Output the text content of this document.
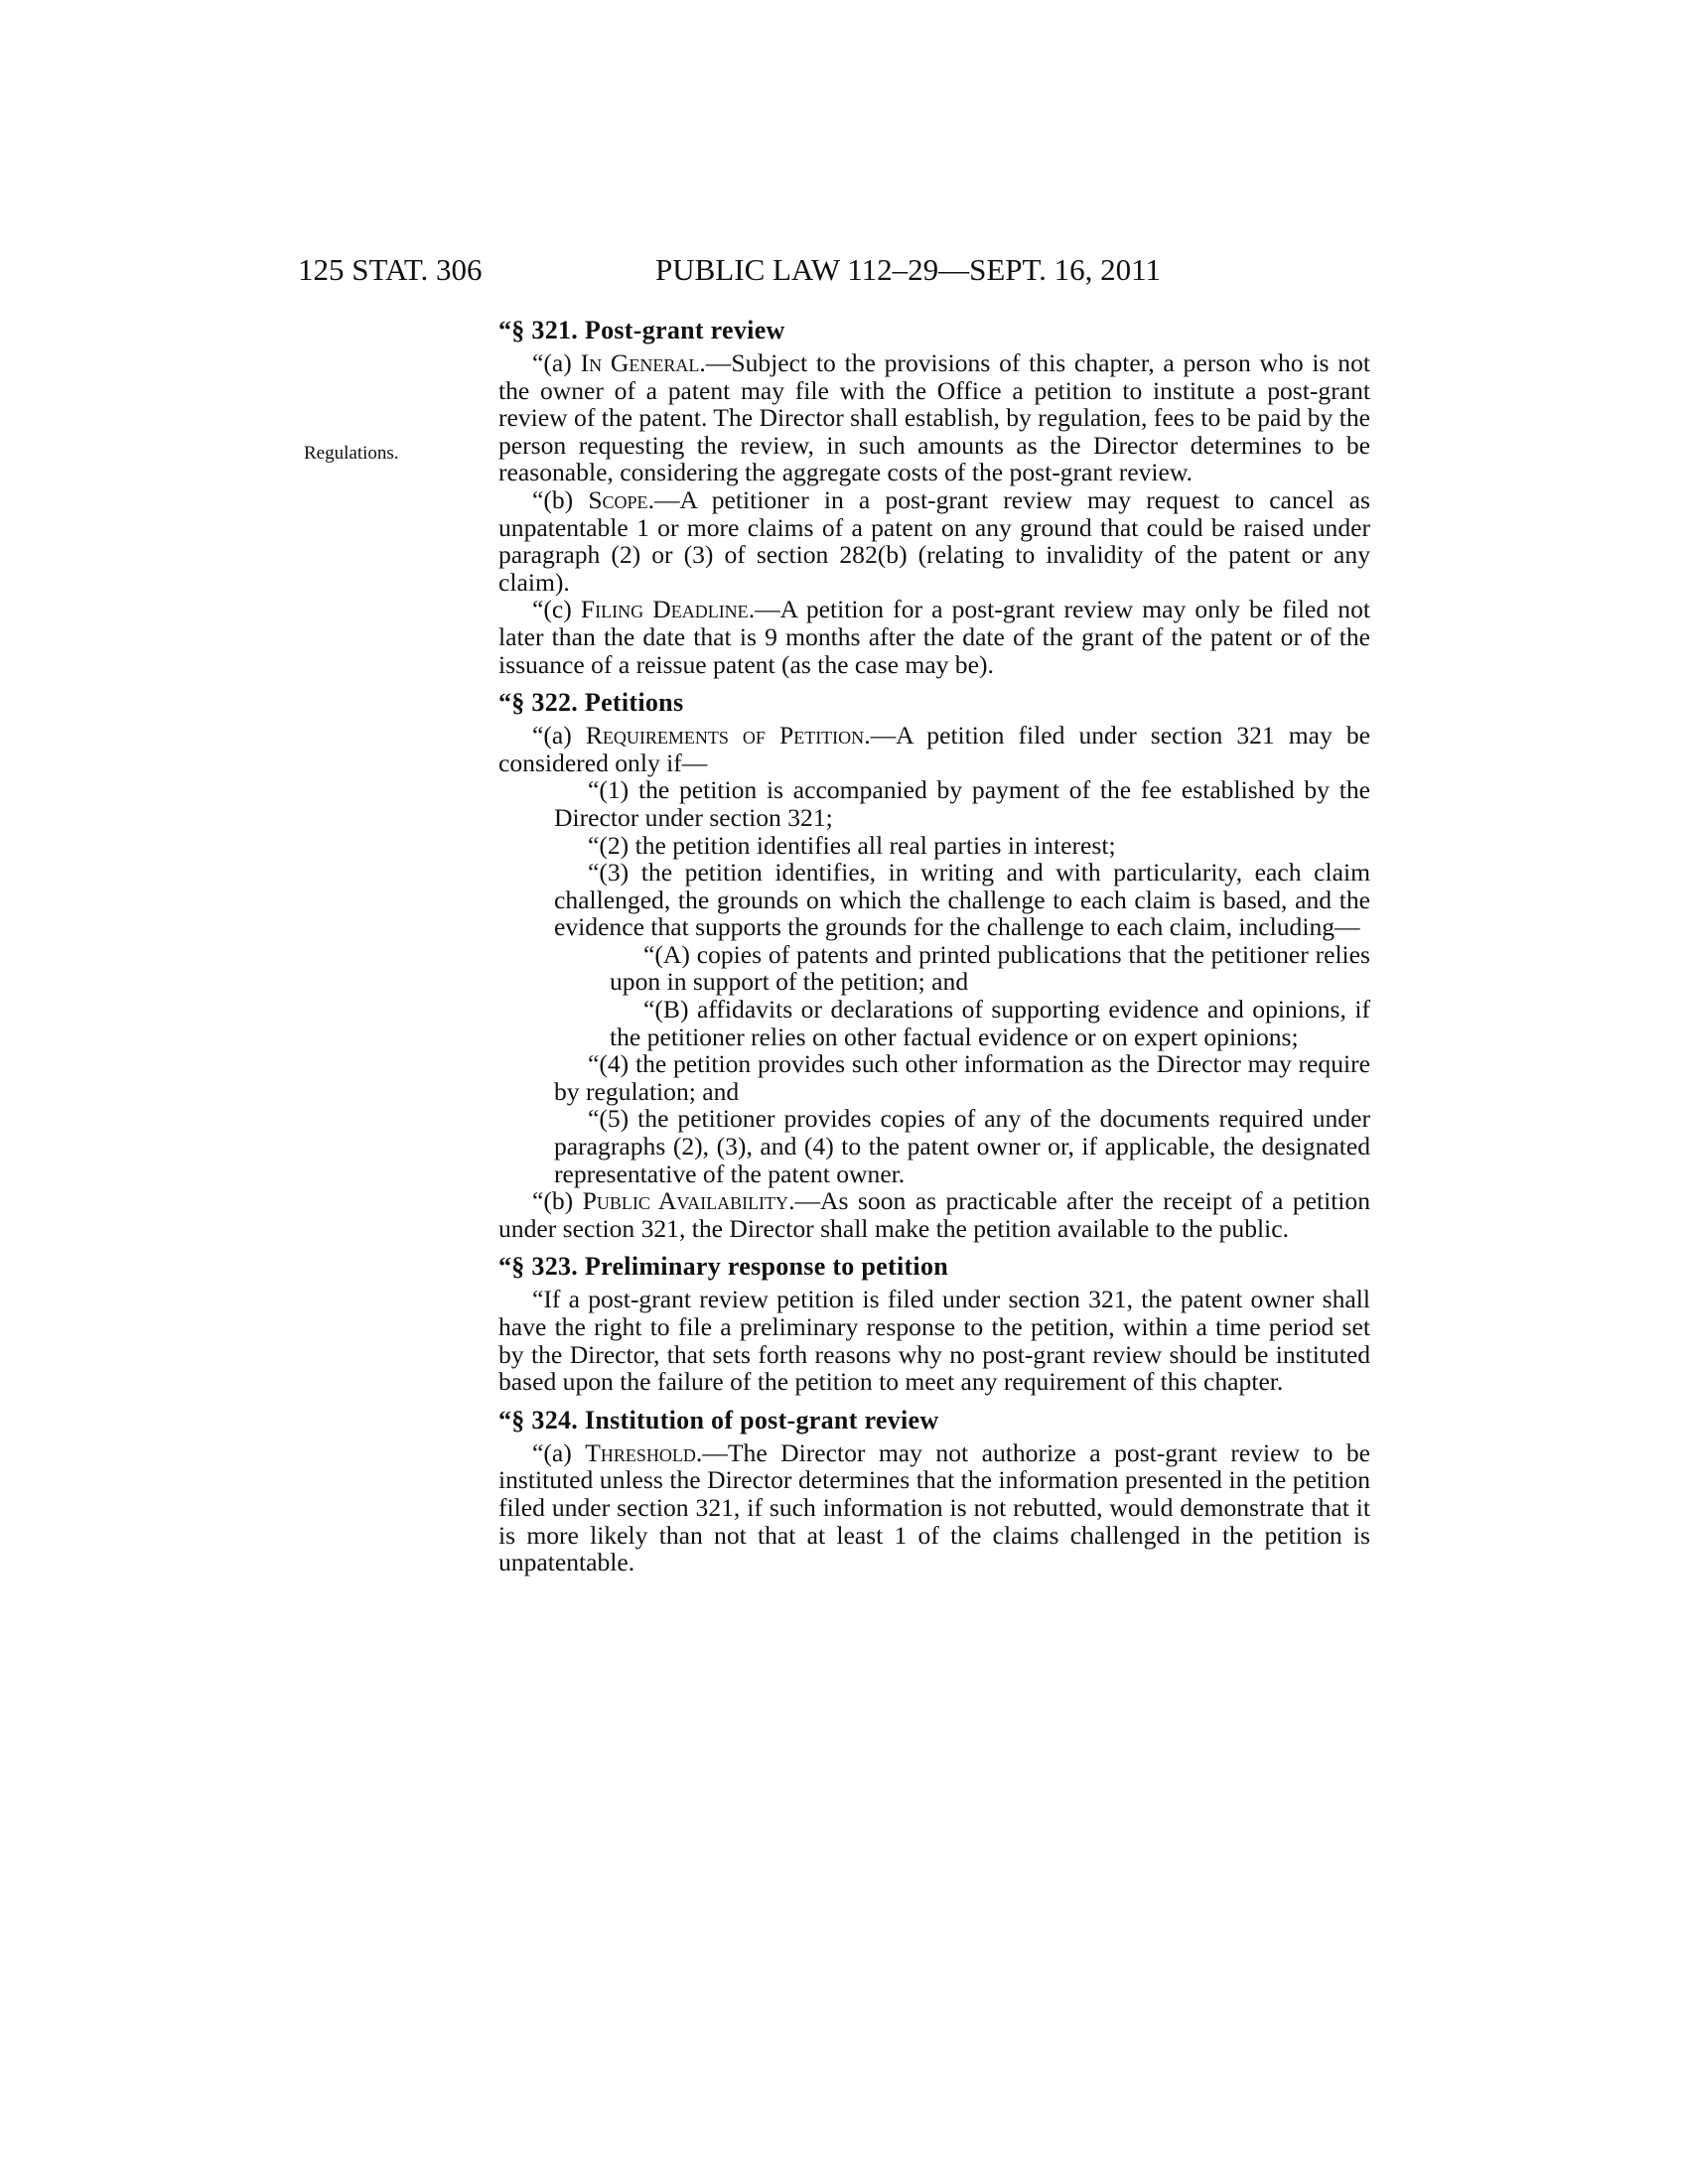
125 STAT. 306	PUBLIC LAW 112–29—SEPT. 16, 2011
Regulations.
“§ 321. Post-grant review

“(a) In General.—Subject to the provisions of this chapter, a person who is not the owner of a patent may file with the Office a petition to institute a post-grant review of the patent. The Director shall establish, by regulation, fees to be paid by the person requesting the review, in such amounts as the Director determines to be reasonable, considering the aggregate costs of the post-grant review.

“(b) Scope.—A petitioner in a post-grant review may request to cancel as unpatentable 1 or more claims of a patent on any ground that could be raised under paragraph (2) or (3) of section 282(b) (relating to invalidity of the patent or any claim).

“(c) Filing Deadline.—A petition for a post-grant review may only be filed not later than the date that is 9 months after the date of the grant of the patent or of the issuance of a reissue patent (as the case may be).

“§ 322. Petitions

“(a) Requirements of Petition.—A petition filed under section 321 may be considered only if—

“(1) the petition is accompanied by payment of the fee established by the Director under section 321;

“(2) the petition identifies all real parties in interest;

“(3) the petition identifies, in writing and with particularity, each claim challenged, the grounds on which the challenge to each claim is based, and the evidence that supports the grounds for the challenge to each claim, including—

“(A) copies of patents and printed publications that the petitioner relies upon in support of the petition; and

“(B) affidavits or declarations of supporting evidence and opinions, if the petitioner relies on other factual evidence or on expert opinions;

“(4) the petition provides such other information as the Director may require by regulation; and

“(5) the petitioner provides copies of any of the documents required under paragraphs (2), (3), and (4) to the patent owner or, if applicable, the designated representative of the patent owner.

“(b) Public Availability.—As soon as practicable after the receipt of a petition under section 321, the Director shall make the petition available to the public.

“§ 323. Preliminary response to petition

“If a post-grant review petition is filed under section 321, the patent owner shall have the right to file a preliminary response to the petition, within a time period set by the Director, that sets forth reasons why no post-grant review should be instituted based upon the failure of the petition to meet any requirement of this chapter.

“§ 324. Institution of post-grant review

“(a) Threshold.—The Director may not authorize a post-grant review to be instituted unless the Director determines that the information presented in the petition filed under section 321, if such information is not rebutted, would demonstrate that it is more likely than not that at least 1 of the claims challenged in the petition is unpatentable.
